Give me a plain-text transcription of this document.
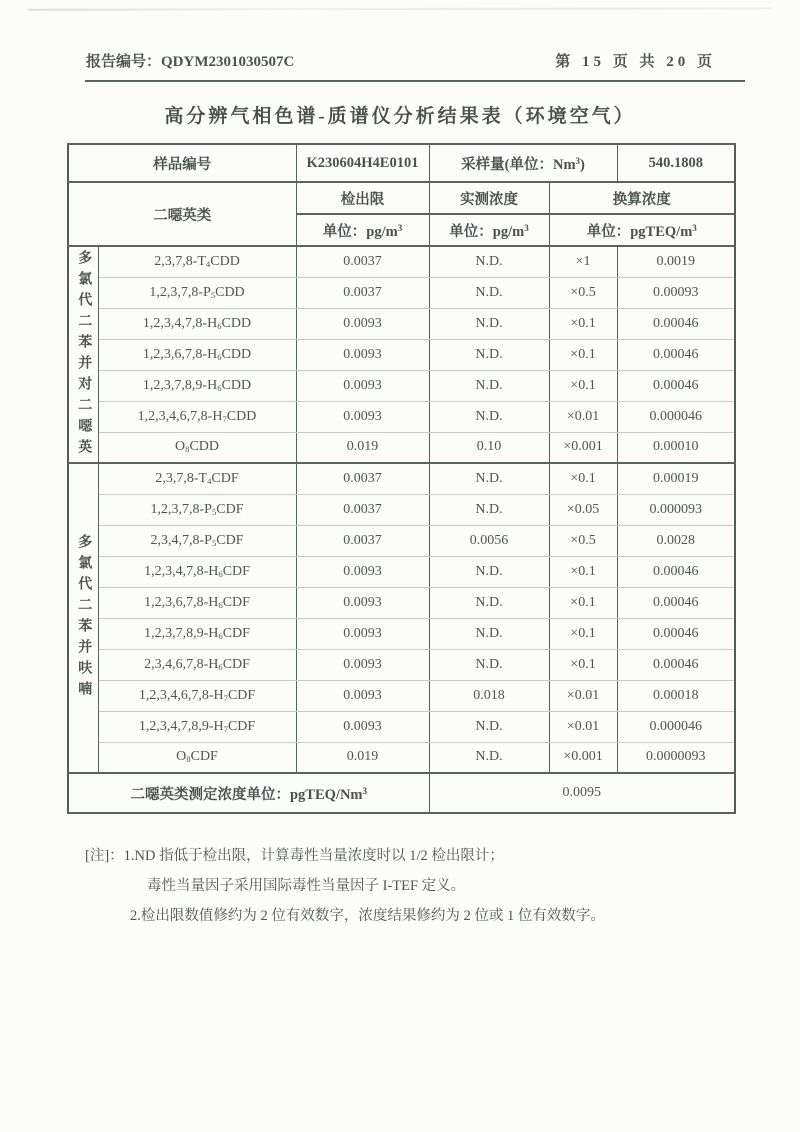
报告编号：QDYM2301030507C	第 15 页 共 20 页
高分辨气相色谱-质谱仪分析结果表（环境空气）
样品编号		K230604H4E0101	采样量(单位：Nm$^3$)		540.1808
二噁英类		检出限	实测浓度	换算浓度	
		单位：$pg/m^3$	单位：$pg/m^3$	单位：pgTEQ/$m^3$

多氯代二苯并对二噁英	$2,3,7,8-T_4CDD$	0.0037	N.D.	×1	0.0019
	$1,2,3,7,8-P_5CDD$	0.0037	N.D.	×0.5	0.00093
	$1,2,3,4,7,8-H_6CDD$	0.0093	N.D.	×0.1	0.00046
	$1,2,3,6,7,8-H_6CDD$	0.0093	N.D.	×0.1	0.00046
	$1,2,3,7,8,9-H_6CDD$	0.0093	N.D.	×0.1	0.00046
	$1,2,3,4,6,7,8-H_7CDD$	0.0093	N.D.	×0.01	0.000046
	$O_8CDD$	0.019	0.10	×0.001	0.00010

多氯代二苯并呋喃	$2,3,7,8-T_4CDF$	0.0037	N.D.	×0.1	0.00019
	$1,2,3,7,8-P_5CDF$	0.0037	N.D.	×0.05	0.000093
	$2,3,4,7,8-P_5CDF$	0.0037	0.0056	×0.5	0.0028
	$1,2,3,4,7,8-H_6CDF$	0.0093	N.D.	×0.1	0.00046
	$1,2,3,6,7,8-H_6CDF$	0.0093	N.D.	×0.1	0.00046
	$1,2,3,7,8,9-H_6CDF$	0.0093	N.D.	×0.1	0.00046
	$2,3,4,6,7,8-H_6CDF$	0.0093	N.D.	×0.1	0.00046
	$1,2,3,4,6,7,8-H_7CDF$	0.0093	0.018	×0.01	0.00018
	$1,2,3,4,7,8,9-H_7CDF$	0.0093	N.D.	×0.01	0.000046
	$O_8CDF$	0.019	N.D.	×0.001	0.0000093
二噁英类测定浓度单位：pgTEQ/Nm$^3$			0.0095		
[注]：1.ND 指低于检出限，计算毒性当量浓度时以 1/2 检出限计；
毒性当量因子采用国际毒性当量因子 I-TEF 定义。
2.检出限数值修约为 2 位有效数字，浓度结果修约为 2 位或 1 位有效数字。
